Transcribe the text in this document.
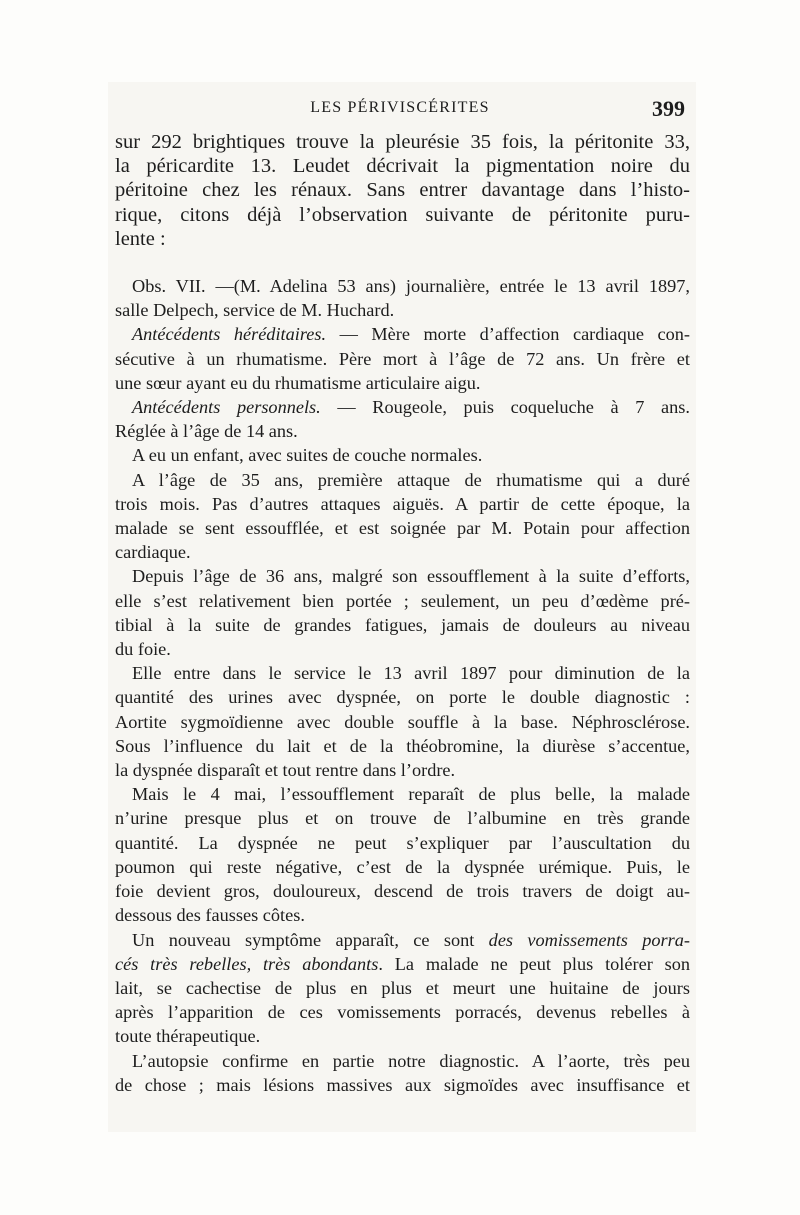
LES PÉRIVISCÉRITES	399
sur 292 brightiques trouve la pleurésie 35 fois, la péritonite 33,
la péricardite 13. Leudet décrivait la pigmentation noire du
péritoine chez les rénaux. Sans entrer davantage dans l’histo-
rique, citons déjà l’observation suivante de péritonite puru-
lente :
Obs. VII. —(M. Adelina 53 ans) journalière, entrée le 13 avril 1897,
salle Delpech, service de M. Huchard.
Antécédents héréditaires. — Mère morte d’affection cardiaque con-
sécutive à un rhumatisme. Père mort à l’âge de 72 ans. Un frère et
une sœur ayant eu du rhumatisme articulaire aigu.
Antécédents personnels. — Rougeole, puis coqueluche à 7 ans.
Réglée à l’âge de 14 ans.
A eu un enfant, avec suites de couche normales.
A l’âge de 35 ans, première attaque de rhumatisme qui a duré
trois mois. Pas d’autres attaques aiguës. A partir de cette époque, la
malade se sent essoufflée, et est soignée par M. Potain pour affection
cardiaque.
Depuis l’âge de 36 ans, malgré son essoufflement à la suite d’efforts,
elle s’est relativement bien portée ; seulement, un peu d’œdème pré-
tibial à la suite de grandes fatigues, jamais de douleurs au niveau
du foie.
Elle entre dans le service le 13 avril 1897 pour diminution de la
quantité des urines avec dyspnée, on porte le double diagnostic :
Aortite sygmoïdienne avec double souffle à la base. Néphrosclérose.
Sous l’influence du lait et de la théobromine, la diurèse s’accentue,
la dyspnée disparaît et tout rentre dans l’ordre.
Mais le 4 mai, l’essoufflement reparaît de plus belle, la malade
n’urine presque plus et on trouve de l’albumine en très grande
quantité. La dyspnée ne peut s’expliquer par l’auscultation du
poumon qui reste négative, c’est de la dyspnée urémique. Puis, le
foie devient gros, douloureux, descend de trois travers de doigt au-
dessous des fausses côtes.
Un nouveau symptôme apparaît, ce sont des vomissements porra-
cés très rebelles, très abondants. La malade ne peut plus tolérer son
lait, se cachectise de plus en plus et meurt une huitaine de jours
après l’apparition de ces vomissements porracés, devenus rebelles à
toute thérapeutique.
L’autopsie confirme en partie notre diagnostic. A l’aorte, très peu
de chose ; mais lésions massives aux sigmoïdes avec insuffisance et
